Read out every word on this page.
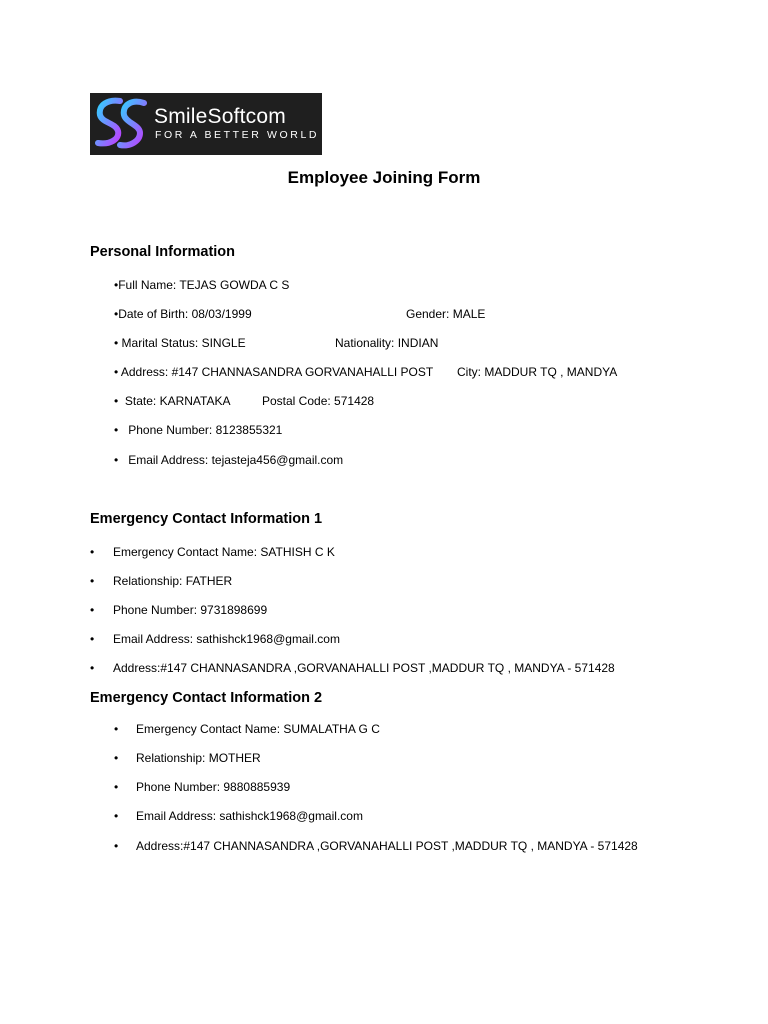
SmileSoftcom
FOR A BETTER WORLD
Employee Joining Form
Personal Information
•Full Name: TEJAS GOWDA C S
•Date of Birth: 08/03/1999	Gender: MALE
• Marital Status: SINGLE	Nationality: INDIAN
• Address: #147 CHANNASANDRA GORVANAHALLI POST City: MADDUR TQ , MANDYA
• State: KARNATAKA	Postal Code: 571428
• Phone Number: 8123855321
• Email Address: tejasteja456@gmail.com
Emergency Contact Information 1
• Emergency Contact Name: SATHISH C K
• Relationship: FATHER
• Phone Number: 9731898699
• Email Address: sathishck1968@gmail.com
• Address:#147 CHANNASANDRA ,GORVANAHALLI POST ,MADDUR TQ , MANDYA - 571428
Emergency Contact Information 2
• Emergency Contact Name: SUMALATHA G C
• Relationship: MOTHER
• Phone Number: 9880885939
• Email Address: sathishck1968@gmail.com
• Address:#147 CHANNASANDRA ,GORVANAHALLI POST ,MADDUR TQ , MANDYA - 571428
